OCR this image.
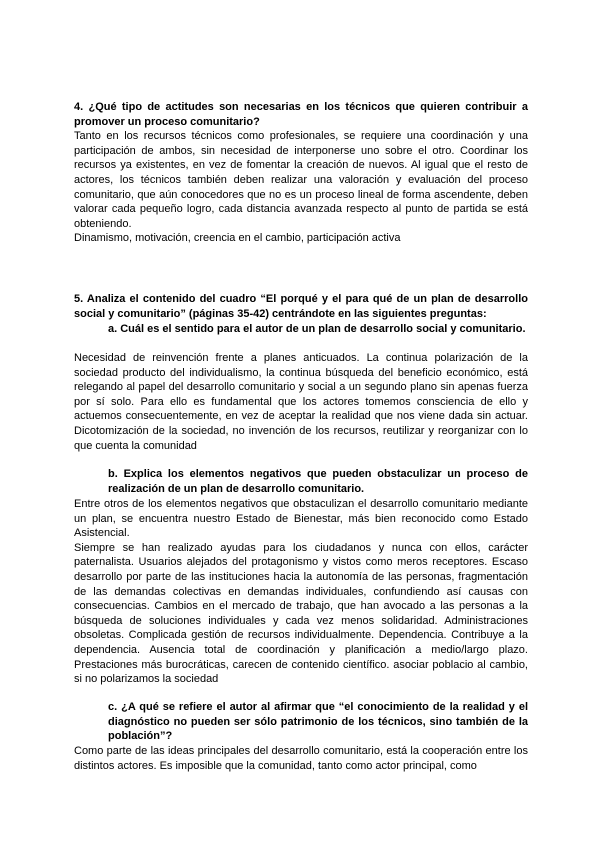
4. ¿Qué tipo de actitudes son necesarias en los técnicos que quieren contribuir a promover un proceso comunitario?

Tanto en los recursos técnicos como profesionales, se requiere una coordinación y una participación de ambos, sin necesidad de interponerse uno sobre el otro. Coordinar los recursos ya existentes, en vez de fomentar la creación de nuevos. Al igual que el resto de actores, los técnicos también deben realizar una valoración y evaluación del proceso comunitario, que aún conocedores que no es un proceso lineal de forma ascendente, deben valorar cada pequeño logro, cada distancia avanzada respecto al punto de partida se está obteniendo.

Dinamismo, motivación, creencia en el cambio, participación activa

5. Analiza el contenido del cuadro “El porqué y el para qué de un plan de desarrollo social y comunitario” (páginas 35-42) centrándote en las siguientes preguntas:

a. Cuál es el sentido para el autor de un plan de desarrollo social y comunitario.

Necesidad de reinvención frente a planes anticuados. La continua polarización de la sociedad producto del individualismo, la continua búsqueda del beneficio económico, está relegando al papel del desarrollo comunitario y social a un segundo plano sin apenas fuerza por sí solo. Para ello es fundamental que los actores tomemos consciencia de ello y actuemos consecuentemente, en vez de aceptar la realidad que nos viene dada sin actuar. Dicotomización de la sociedad, no invención de los recursos, reutilizar y reorganizar con lo que cuenta la comunidad

b. Explica los elementos negativos que pueden obstaculizar un proceso de realización de un plan de desarrollo comunitario.

Entre otros de los elementos negativos que obstaculizan el desarrollo comunitario mediante un plan, se encuentra nuestro Estado de Bienestar, más bien reconocido como Estado Asistencial.

Siempre se han realizado ayudas para los ciudadanos y nunca con ellos, carácter paternalista. Usuarios alejados del protagonismo y vistos como meros receptores. Escaso desarrollo por parte de las instituciones hacia la autonomía de las personas, fragmentación de las demandas colectivas en demandas individuales, confundiendo así causas con consecuencias. Cambios en el mercado de trabajo, que han avocado a las personas a la búsqueda de soluciones individuales y cada vez menos solidaridad. Administraciones obsoletas. Complicada gestión de recursos individualmente. Dependencia. Contribuye a la dependencia. Ausencia total de coordinación y planificación a medio/largo plazo. Prestaciones más burocráticas, carecen de contenido científico. asociar poblacio al cambio, si no polarizamos la sociedad

c. ¿A qué se refiere el autor al afirmar que “el conocimiento de la realidad y el diagnóstico no pueden ser sólo patrimonio de los técnicos, sino también de la población”?

Como parte de las ideas principales del desarrollo comunitario, está la cooperación entre los distintos actores. Es imposible que la comunidad, tanto como actor principal, como
